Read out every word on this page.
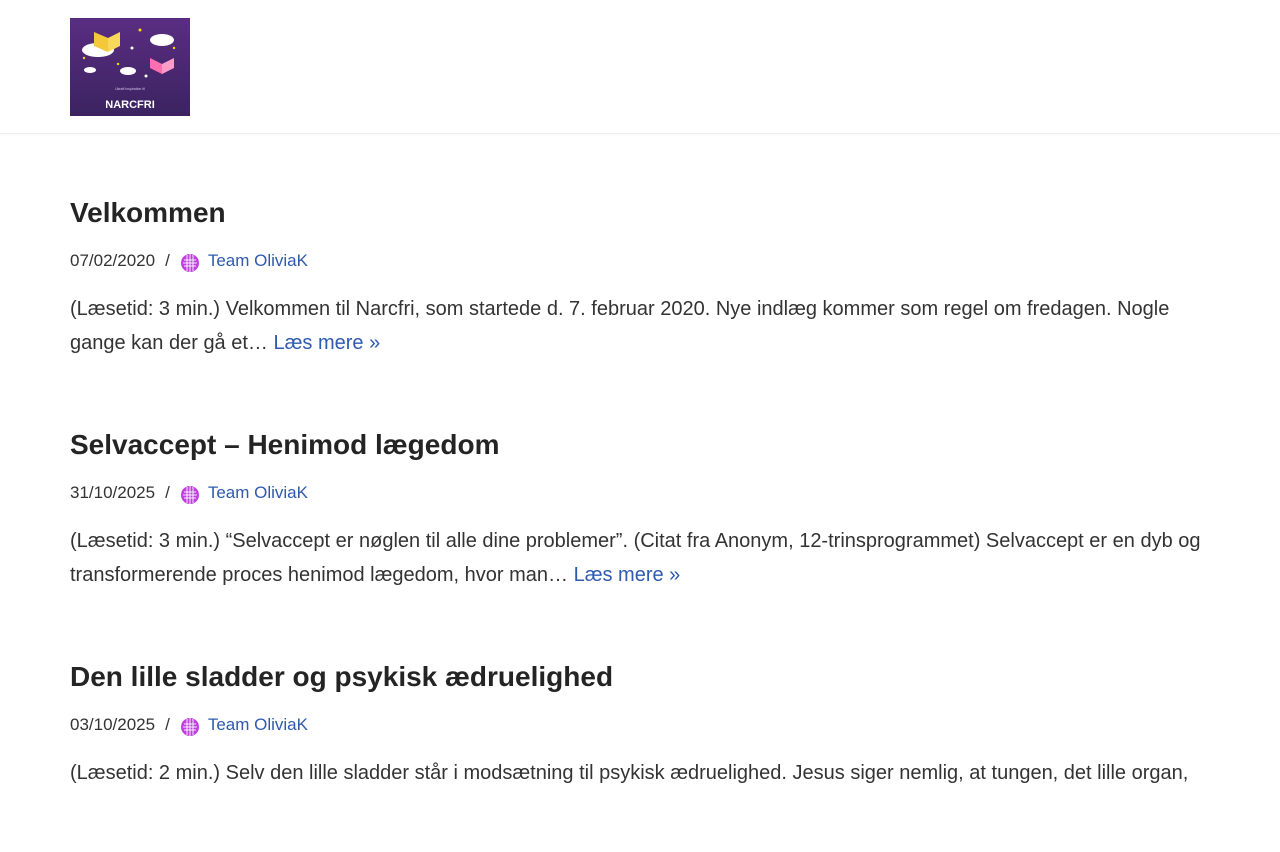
Ukraft inspiration til
NARCFRI
Velkommen
07/02/2020 / Team OliviaK

(Læsetid: 3 min.) Velkommen til Narcfri, som startede d. 7. februar 2020. Nye indlæg kommer som regel om fredagen. Nogle gange kan der gå et… Læs mere »

Selvaccept – Henimod lægedom
31/10/2025 / Team OliviaK

(Læsetid: 3 min.) “Selvaccept er nøglen til alle dine problemer”. (Citat fra Anonym, 12-trinsprogrammet) Selvaccept er en dyb og transformerende proces henimod lægedom, hvor man… Læs mere »

Den lille sladder og psykisk ædruelighed
03/10/2025 / Team OliviaK

(Læsetid: 2 min.) Selv den lille sladder står i modsætning til psykisk ædruelighed. Jesus siger nemlig, at tungen, det lille organ,
